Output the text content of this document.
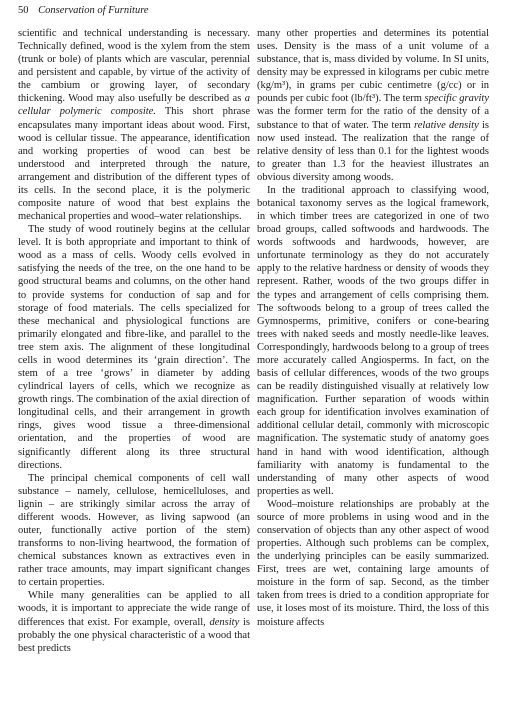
50 Conservation of Furniture

scientific and technical understanding is necessary. Technically defined, wood is the xylem from the stem (trunk or bole) of plants which are vascular, perennial and persistent and capable, by virtue of the activity of the cambium or growing layer, of secondary thickening. Wood may also usefully be described as a cellular polymeric composite. This short phrase encapsulates many important ideas about wood. First, wood is cellular tissue. The appearance, identification and working properties of wood can best be understood and interpreted through the nature, arrangement and distribution of the different types of its cells. In the second place, it is the polymeric composite nature of wood that best explains the mechanical properties and wood–water relationships.

The study of wood routinely begins at the cellular level. It is both appropriate and important to think of wood as a mass of cells. Woody cells evolved in satisfying the needs of the tree, on the one hand to be good structural beams and columns, on the other hand to provide systems for conduction of sap and for storage of food materials. The cells specialized for these mechanical and physiological functions are primarily elongated and fibre-like, and parallel to the tree stem axis. The alignment of these longitudinal cells in wood determines its ‘grain direction’. The stem of a tree ‘grows’ in diameter by adding cylindrical layers of cells, which we recognize as growth rings. The combination of the axial direction of longitudinal cells, and their arrangement in growth rings, gives wood tissue a three-dimensional orientation, and the properties of wood are significantly different along its three structural directions.

The principal chemical components of cell wall substance – namely, cellulose, hemicelluloses, and lignin – are strikingly similar across the array of different woods. However, as living sapwood (an outer, functionally active portion of the stem) transforms to non-living heartwood, the formation of chemical substances known as extractives even in rather trace amounts, may impart significant changes to certain properties.

While many generalities can be applied to all woods, it is important to appreciate the wide range of differences that exist. For example, overall, density is probably the one physical characteristic of a wood that best predicts

many other properties and determines its potential uses. Density is the mass of a unit volume of a substance, that is, mass divided by volume. In SI units, density may be expressed in kilograms per cubic metre (kg/m³), in grams per cubic centimetre (g/cc) or in pounds per cubic foot (lb/ft³). The term specific gravity was the former term for the ratio of the density of a substance to that of water. The term relative density is now used instead. The realization that the range of relative density of less than 0.1 for the lightest woods to greater than 1.3 for the heaviest illustrates an obvious diversity among woods.

In the traditional approach to classifying wood, botanical taxonomy serves as the logical framework, in which timber trees are categorized in one of two broad groups, called softwoods and hardwoods. The words softwoods and hardwoods, however, are unfortunate terminology as they do not accurately apply to the relative hardness or density of woods they represent. Rather, woods of the two groups differ in the types and arrangement of cells comprising them. The softwoods belong to a group of trees called the Gymnosperms, primitive, conifers or cone-bearing trees with naked seeds and mostly needle-like leaves. Correspondingly, hardwoods belong to a group of trees more accurately called Angiosperms. In fact, on the basis of cellular differences, woods of the two groups can be readily distinguished visually at relatively low magnification. Further separation of woods within each group for identification involves examination of additional cellular detail, commonly with microscopic magnification. The systematic study of anatomy goes hand in hand with wood identification, although familiarity with anatomy is fundamental to the understanding of many other aspects of wood properties as well.

Wood–moisture relationships are probably at the source of more problems in using wood and in the conservation of objects than any other aspect of wood properties. Although such problems can be complex, the underlying principles can be easily summarized. First, trees are wet, containing large amounts of moisture in the form of sap. Second, as the timber taken from trees is dried to a condition appropriate for use, it loses most of its moisture. Third, the loss of this moisture affects
